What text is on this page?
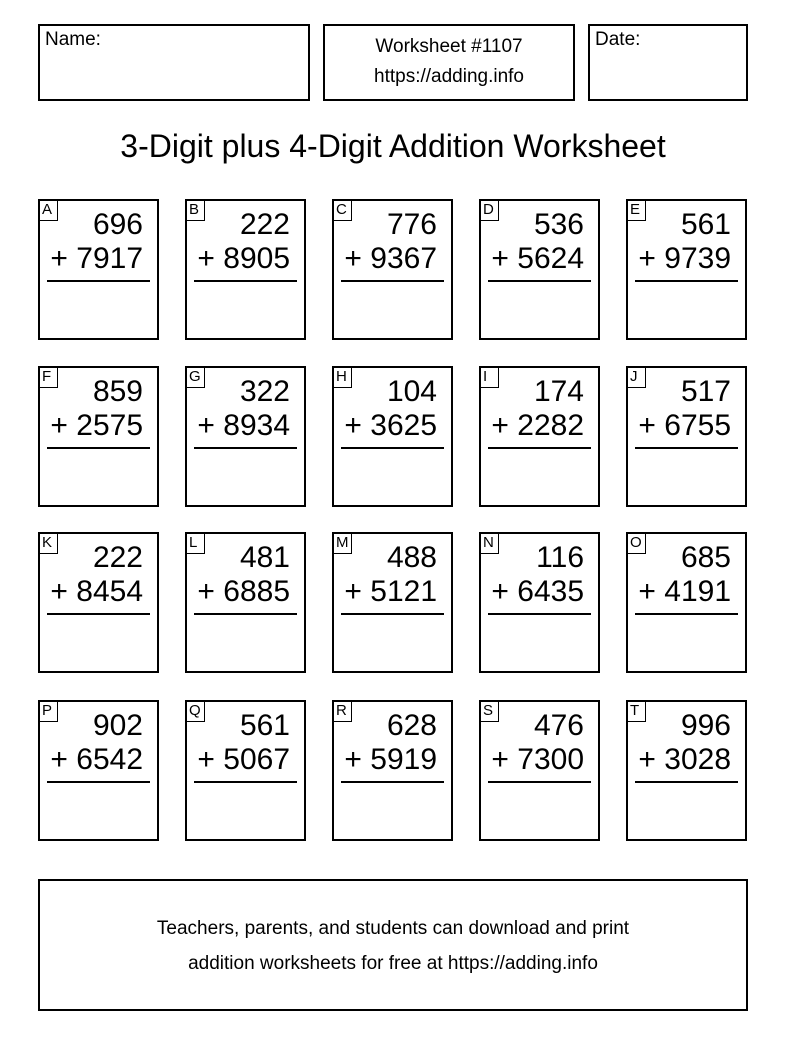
Name:	Worksheet #1107
https://adding.info
Date:
3-Digit plus 4-Digit Addition Worksheet
A 696
+ 7917
B 222
+ 8905
C 776
+ 9367
D 536
+ 5624
E 561
+ 9739
F 859
+ 2575
G 322
+ 8934
H 104
+ 3625
I	174
+ 2282
J 517
+ 6755
K 222
+ 8454
L 481
+ 6885
M 488
+ 5121
N 116
+ 6435
O 685
+ 4191
P 902
+ 6542
Q 561
+ 5067
R 628
+ 5919
S 476
+ 7300
T 996
+ 3028
Teachers, parents, and students can download and print
addition worksheets for free at https://adding.info
